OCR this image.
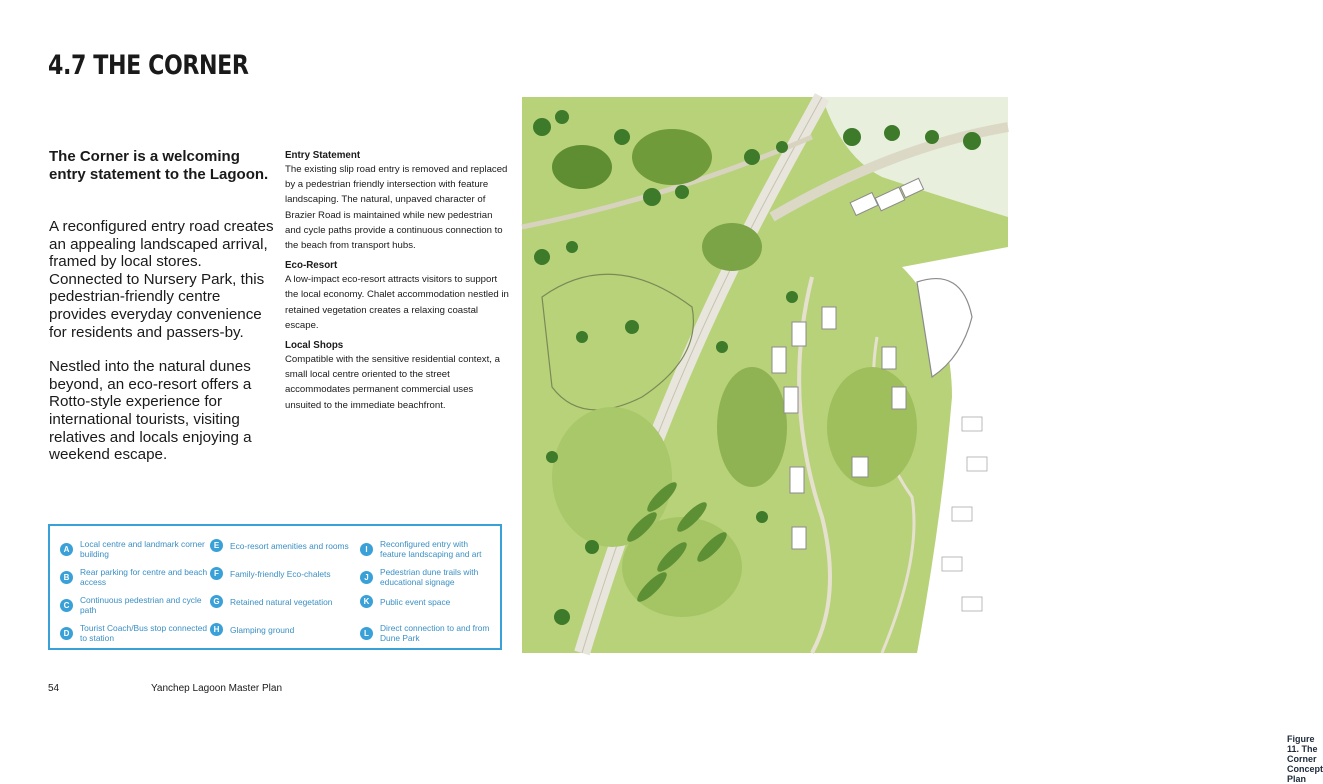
4.7 THE CORNER
The Corner is a welcoming entry statement to the Lagoon.

A reconfigured entry road creates an appealing landscaped arrival, framed by local stores. Connected to Nursery Park, this pedestrian-friendly centre provides everyday convenience for residents and passers-by.

Nestled into the natural dunes beyond, an eco-resort offers a Rotto-style experience for international tourists, visiting relatives and locals enjoying a weekend escape.

Entry Statement

The existing slip road entry is removed and replaced by a pedestrian friendly intersection with feature landscaping. The natural, unpaved character of Brazier Road is maintained while new pedestrian and cycle paths provide a continuous connection to the beach from transport hubs.

Eco-Resort

A low-impact eco-resort attracts visitors to support the local economy. Chalet accommodation nestled in retained vegetation creates a relaxing coastal escape.

Local Shops

Compatible with the sensitive residential context, a small local centre oriented to the street accommodates permanent commercial uses unsuited to the immediate beachfront.

Figure 11. The Corner Concept Plan
A	Local centre and landmark corner building
B	Rear parking for centre and beach access
C	Continuous pedestrian and cycle path
D	Tourist Coach/Bus stop connected to station
E	Eco-resort amenities and rooms
F	Family-friendly Eco-chalets
G	Retained natural vegetation
H	Glamping ground
I	Reconfigured entry with feature landscaping and art
J	Pedestrian dune trails with educational signage
K	Public event space
L	Direct connection to and from Dune Park
54	Yanchep Lagoon Master Plan
